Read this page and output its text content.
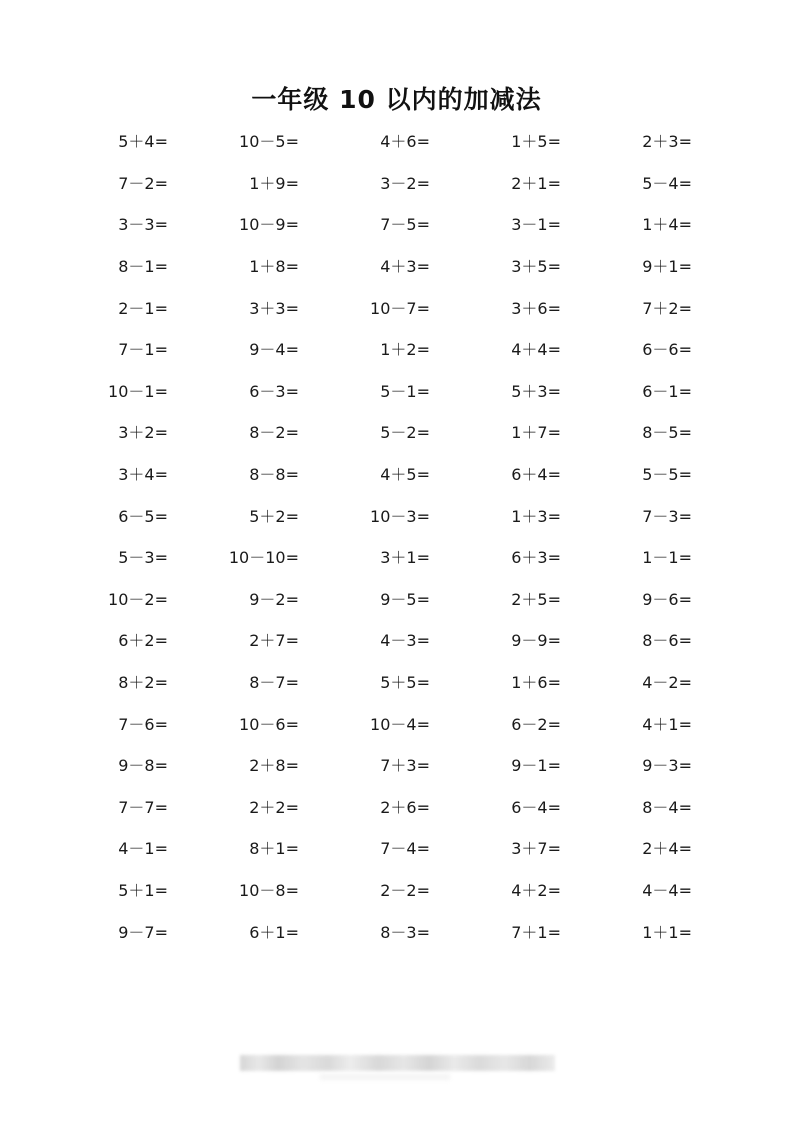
一年级 10 以内的加减法
5＋4=	10－5=	4＋6=	1＋5=	2＋3=
7－2=	1＋9=	3－2=	2＋1=	5－4=
3－3=	10－9=	7－5=	3－1=	1＋4=
8－1=	1＋8=	4＋3=	3＋5=	9＋1=
2－1=	3＋3=	10－7=	3＋6=	7＋2=
7－1=	9－4=	1＋2=	4＋4=	6－6=
10－1=	6－3=	5－1=	5＋3=	6－1=
3＋2=	8－2=	5－2=	1＋7=	8－5=
3＋4=	8－8=	4＋5=	6＋4=	5－5=
6－5=	5＋2=	10－3=	1＋3=	7－3=
5－3=	10－10=	3＋1=	6＋3=	1－1=
10－2=	9－2=	9－5=	2＋5=	9－6=
6＋2=	2＋7=	4－3=	9－9=	8－6=
8＋2=	8－7=	5＋5=	1＋6=	4－2=
7－6=	10－6=	10－4=	6－2=	4＋1=
9－8=	2＋8=	7＋3=	9－1=	9－3=
7－7=	2＋2=	2＋6=	6－4=	8－4=
4－1=	8＋1=	7－4=	3＋7=	2＋4=
5＋1=	10－8=	2－2=	4＋2=	4－4=
9－7=	6＋1=	8－3=	7＋1=	1＋1=
